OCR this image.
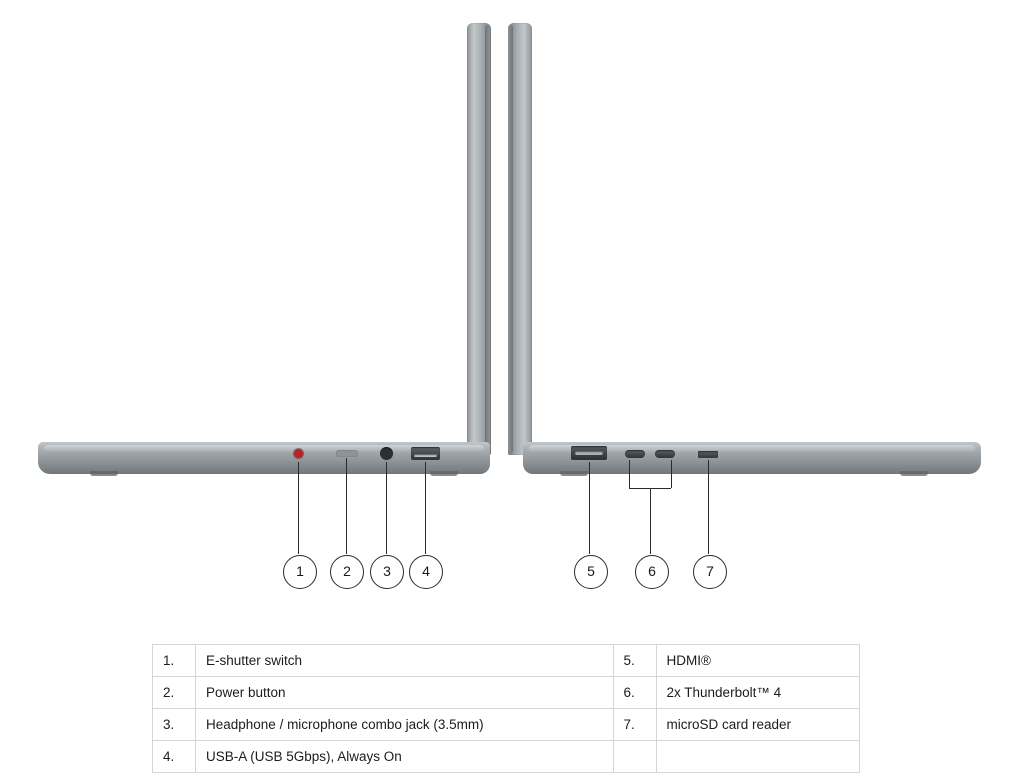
1	2	3	4	5	6	7
1.	E-shutter switch	5.	HDMI®
2.	Power button	6.	2x Thunderbolt™ 4
3.	Headphone / microphone combo jack (3.5mm)	7.	microSD card reader
4.	USB-A (USB 5Gbps), Always On		
